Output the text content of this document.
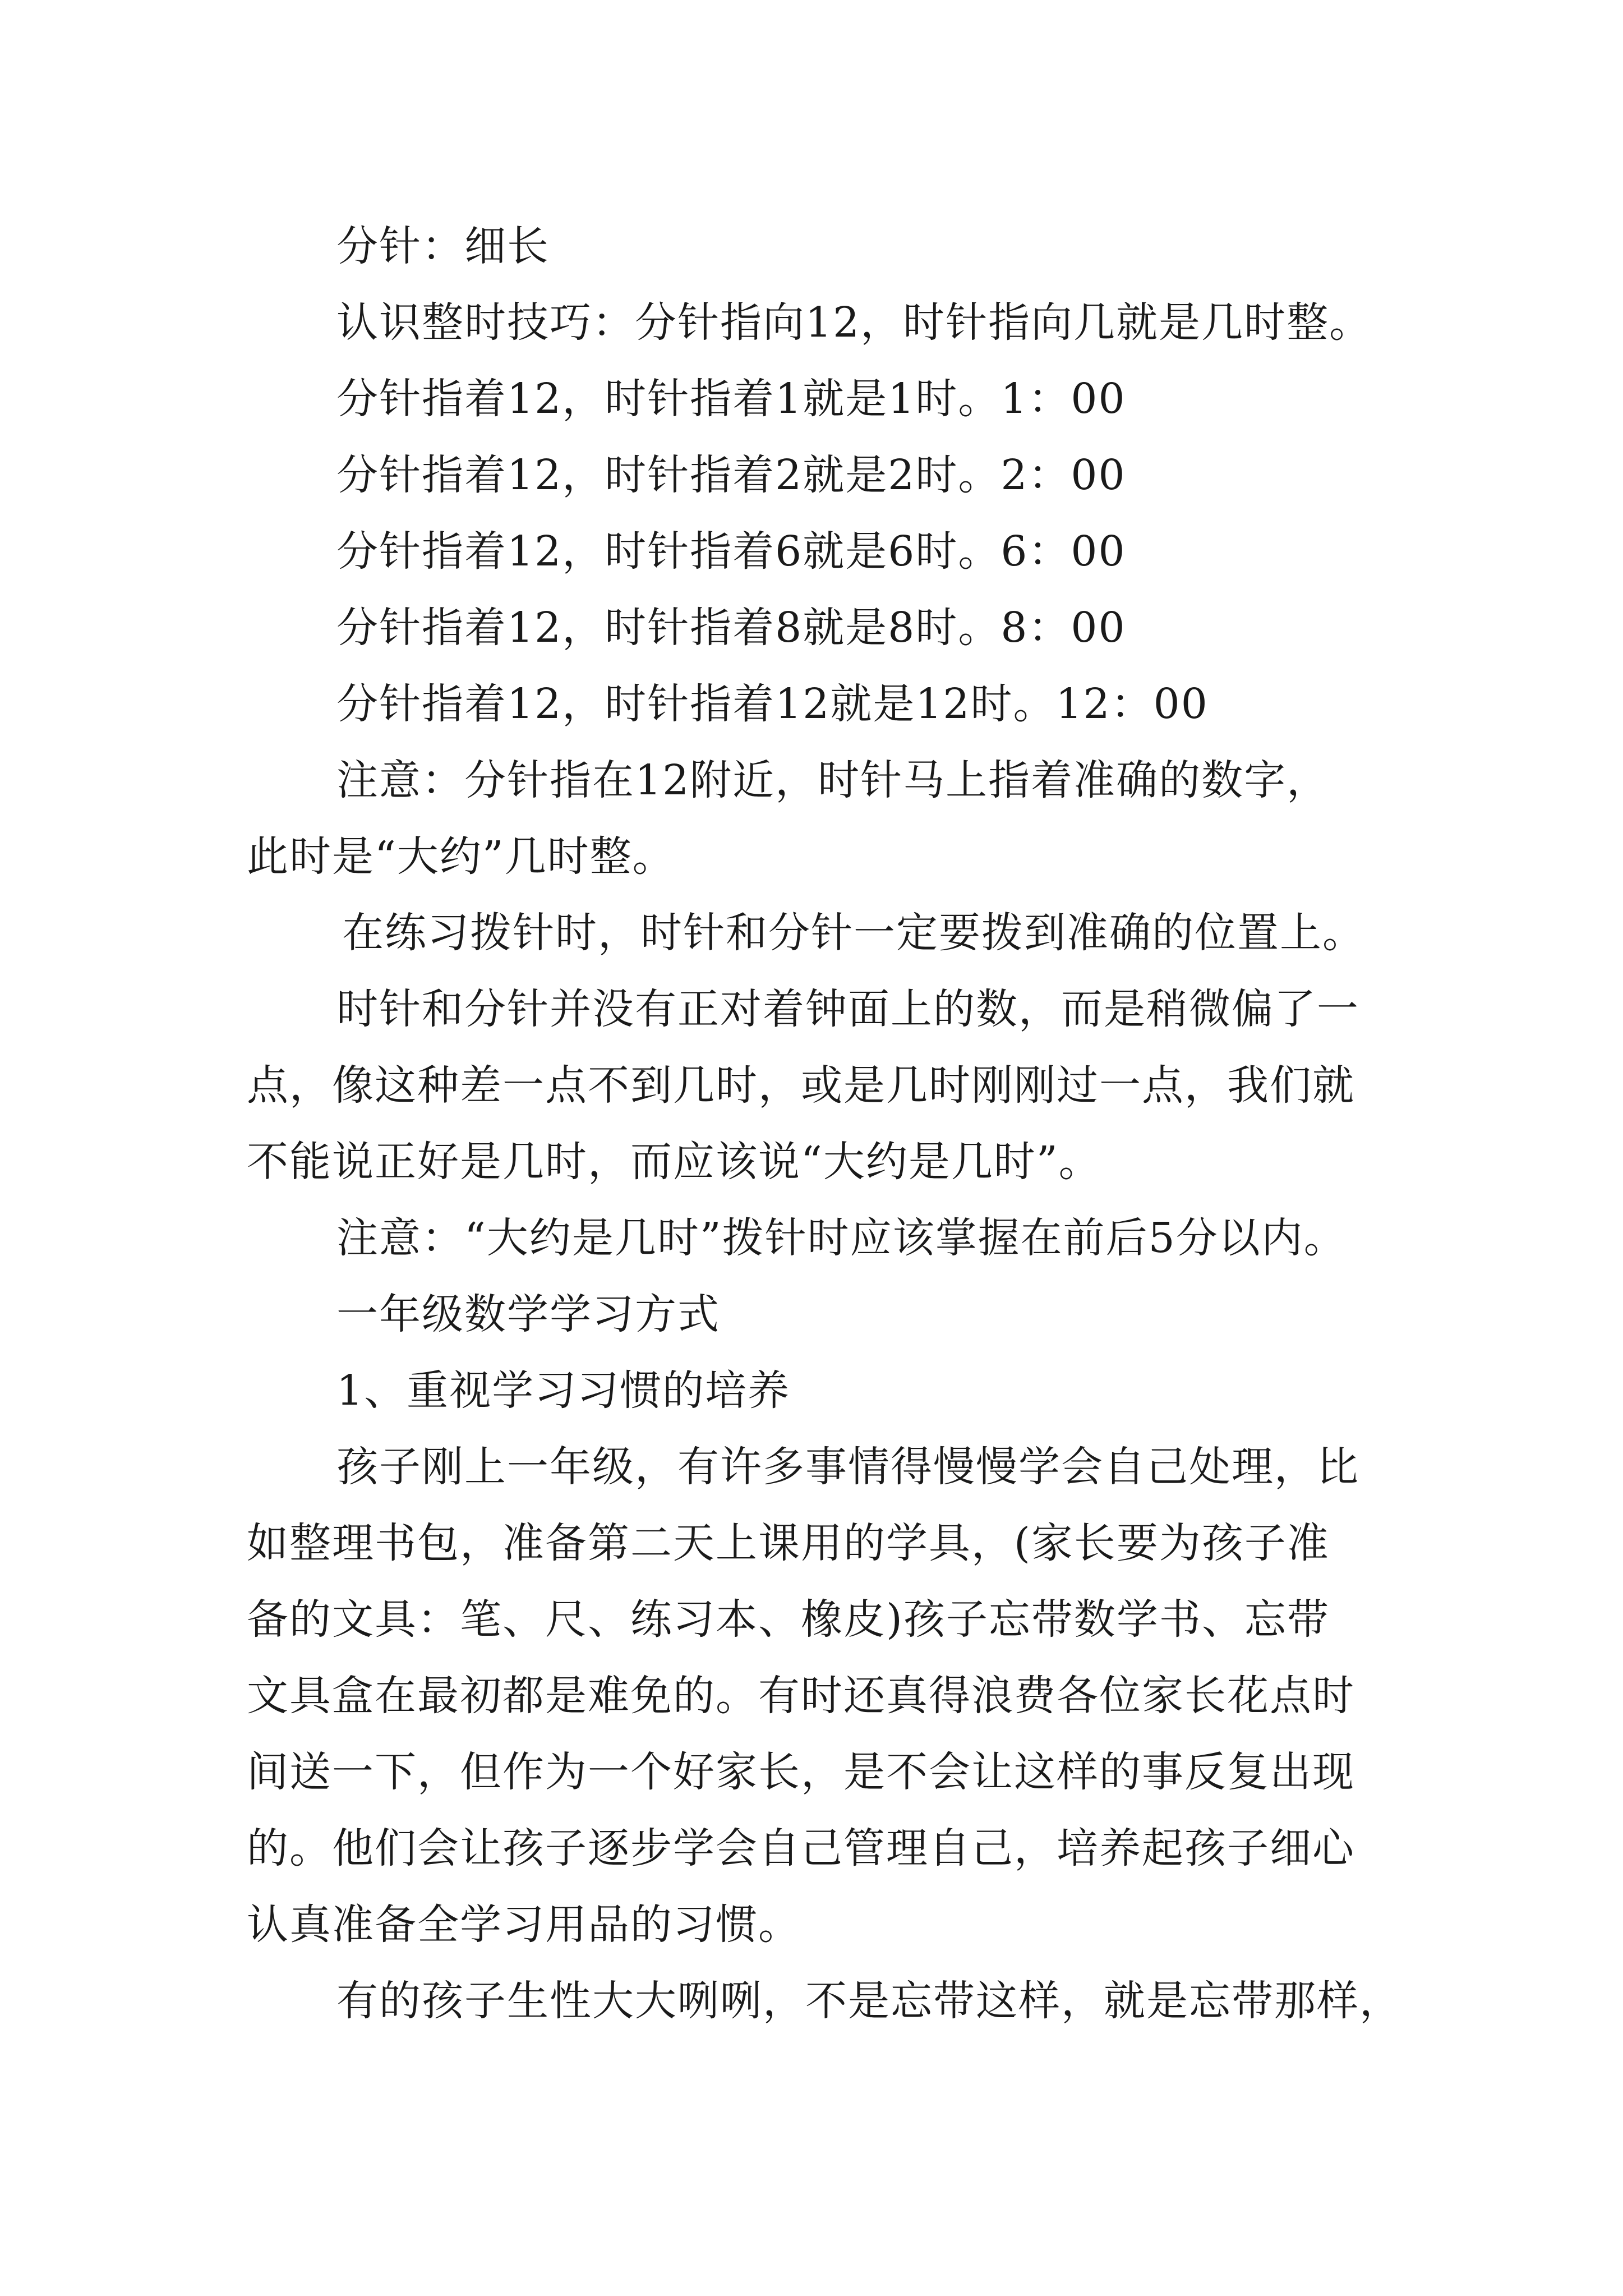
分针：细长
认识整时技巧：分针指向12，时针指向几就是几时整。
分针指着12，时针指着1就是1时。1：00
分针指着12，时针指着2就是2时。2：00
分针指着12，时针指着6就是6时。6：00
分针指着12，时针指着8就是8时。8：00
分针指着12，时针指着12就是12时。12：00
注意：分针指在12附近，时针马上指着准确的数字，
此时是“大约”几时整。
在练习拨针时，时针和分针一定要拨到准确的位置上。
时针和分针并没有正对着钟面上的数，而是稍微偏了一
点，像这种差一点不到几时，或是几时刚刚过一点，我们就
不能说正好是几时，而应该说“大约是几时”。
注意：“大约是几时”拨针时应该掌握在前后5分以内。
一年级数学学习方式
1、重视学习习惯的培养
孩子刚上一年级，有许多事情得慢慢学会自己处理，比
如整理书包，准备第二天上课用的学具，(家长要为孩子准
备的文具：笔、尺、练习本、橡皮)孩子忘带数学书、忘带
文具盒在最初都是难免的。有时还真得浪费各位家长花点时
间送一下，但作为一个好家长，是不会让这样的事反复出现
的。他们会让孩子逐步学会自己管理自己，培养起孩子细心
认真准备全学习用品的习惯。
有的孩子生性大大咧咧，不是忘带这样，就是忘带那样，
